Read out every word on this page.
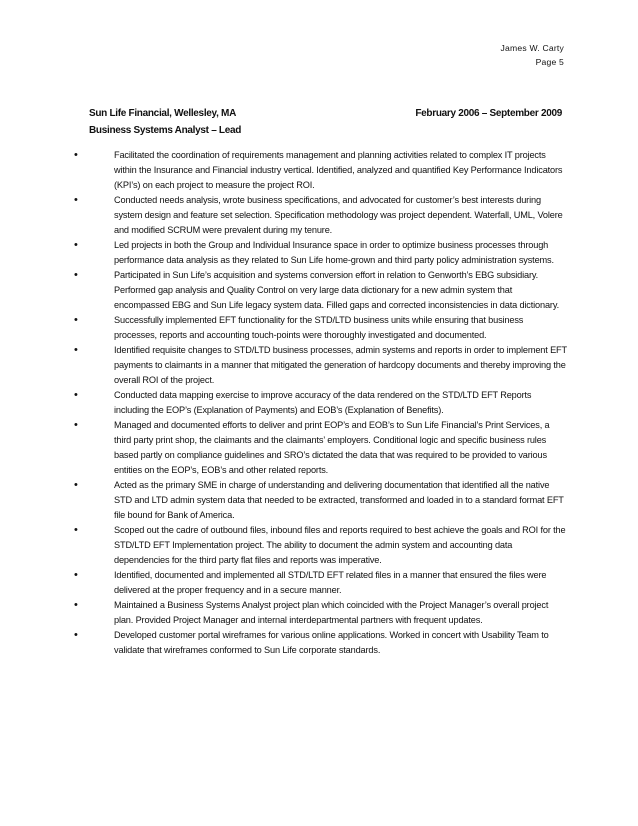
James W. Carty
Page 5
Sun Life Financial, Wellesley, MA	February 2006 – September 2009
Business Systems Analyst – Lead
•	Facilitated the coordination of requirements management and planning activities related to complex IT projects within the Insurance and Financial industry vertical. Identified, analyzed and quantified Key Performance Indicators (KPI’s) on each project to measure the project ROI.
•	Conducted needs analysis, wrote business specifications, and advocated for customer’s best interests during system design and feature set selection. Specification methodology was project dependent. Waterfall, UML, Volere and modified SCRUM were prevalent during my tenure.
•	Led projects in both the Group and Individual Insurance space in order to optimize business processes through performance data analysis as they related to Sun Life home-grown and third party policy administration systems.
•	Participated in Sun Life’s acquisition and systems conversion effort in relation to Genworth’s EBG subsidiary. Performed gap analysis and Quality Control on very large data dictionary for a new admin system that encompassed EBG and Sun Life legacy system data. Filled gaps and corrected inconsistencies in data dictionary.
•	Successfully implemented EFT functionality for the STD/LTD business units while ensuring that business processes, reports and accounting touch-points were thoroughly investigated and documented.
•	Identified requisite changes to STD/LTD business processes, admin systems and reports in order to implement EFT payments to claimants in a manner that mitigated the generation of hardcopy documents and thereby improving the overall ROI of the project.
•	Conducted data mapping exercise to improve accuracy of the data rendered on the STD/LTD EFT Reports including the EOP’s (Explanation of Payments) and EOB’s (Explanation of Benefits).
•	Managed and documented efforts to deliver and print EOP’s and EOB’s to Sun Life Financial’s Print Services, a third party print shop, the claimants and the claimants’ employers. Conditional logic and specific business rules based partly on compliance guidelines and SRO’s dictated the data that was required to be provided to various entities on the EOP’s, EOB’s and other related reports.
•	Acted as the primary SME in charge of understanding and delivering documentation that identified all the native STD and LTD admin system data that needed to be extracted, transformed and loaded in to a standard format EFT file bound for Bank of America.
•	Scoped out the cadre of outbound files, inbound files and reports required to best achieve the goals and ROI for the STD/LTD EFT Implementation project. The ability to document the admin system and accounting data dependencies for the third party flat files and reports was imperative.
•	Identified, documented and implemented all STD/LTD EFT related files in a manner that ensured the files were delivered at the proper frequency and in a secure manner.
•	Maintained a Business Systems Analyst project plan which coincided with the Project Manager’s overall project plan. Provided Project Manager and internal interdepartmental partners with frequent updates.
•	Developed customer portal wireframes for various online applications. Worked in concert with Usability Team to validate that wireframes conformed to Sun Life corporate standards.
